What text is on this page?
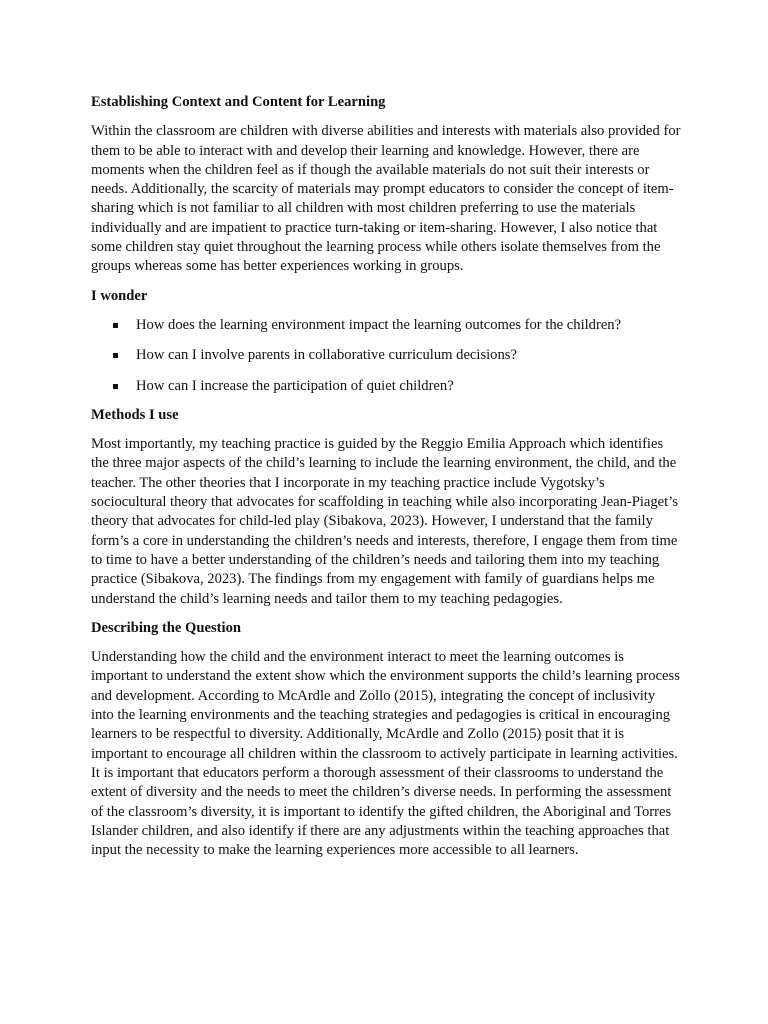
Establishing Context and Content for Learning

Within the classroom are children with diverse abilities and interests with materials also provided for them to be able to interact with and develop their learning and knowledge. However, there are moments when the children feel as if though the available materials do not suit their interests or needs. Additionally, the scarcity of materials may prompt educators to consider the concept of item-sharing which is not familiar to all children with most children preferring to use the materials individually and are impatient to practice turn-taking or item-sharing. However, I also notice that some children stay quiet throughout the learning process while others isolate themselves from the groups whereas some has better experiences working in groups.

I wonder
How does the learning environment impact the learning outcomes for the children?
How can I involve parents in collaborative curriculum decisions?
How can I increase the participation of quiet children?
Methods I use

Most importantly, my teaching practice is guided by the Reggio Emilia Approach which identifies the three major aspects of the child’s learning to include the learning environment, the child, and the teacher. The other theories that I incorporate in my teaching practice include Vygotsky’s sociocultural theory that advocates for scaffolding in teaching while also incorporating Jean-Piaget’s theory that advocates for child-led play (Sibakova, 2023). However, I understand that the family form’s a core in understanding the children’s needs and interests, therefore, I engage them from time to time to have a better understanding of the children’s needs and tailoring them into my teaching practice (Sibakova, 2023). The findings from my engagement with family of guardians helps me understand the child’s learning needs and tailor them to my teaching pedagogies.

Describing the Question

Understanding how the child and the environment interact to meet the learning outcomes is important to understand the extent show which the environment supports the child’s learning process and development. According to McArdle and Zollo (2015), integrating the concept of inclusivity into the learning environments and the teaching strategies and pedagogies is critical in encouraging learners to be respectful to diversity. Additionally, McArdle and Zollo (2015) posit that it is important to encourage all children within the classroom to actively participate in learning activities. It is important that educators perform a thorough assessment of their classrooms to understand the extent of diversity and the needs to meet the children’s diverse needs. In performing the assessment of the classroom’s diversity, it is important to identify the gifted children, the Aboriginal and Torres Islander children, and also identify if there are any adjustments within the teaching approaches that input the necessity to make the learning experiences more accessible to all learners.
